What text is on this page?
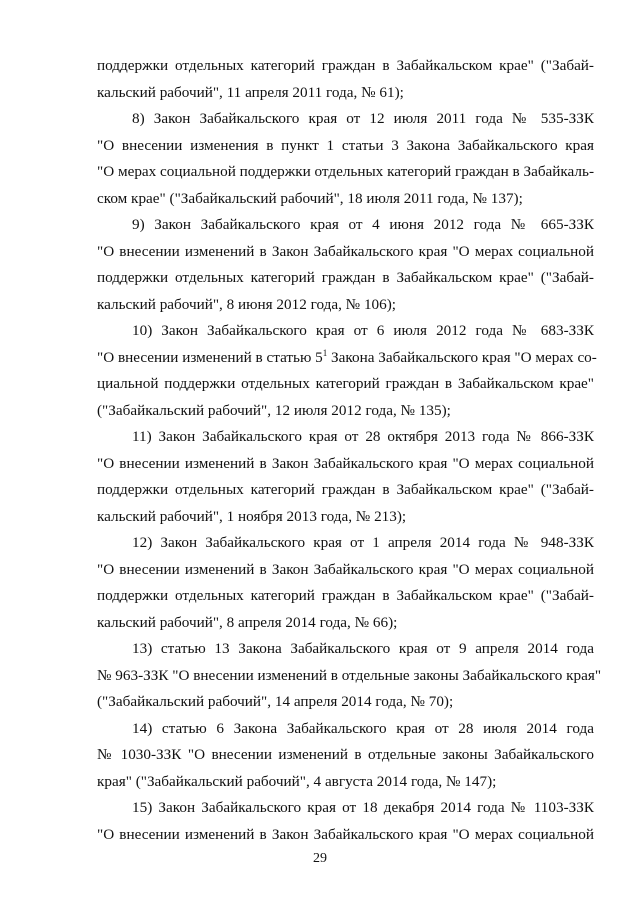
поддержки отдельных категорий граждан в Забайкальском крае" ("Забай-
кальский рабочий", 11 апреля 2011 года, № 61);
8) Закон Забайкальского края от 12 июля 2011 года № 535-ЗЗК
"О внесении изменения в пункт 1 статьи 3 Закона Забайкальского края
"О мерах социальной поддержки отдельных категорий граждан в Забайкаль-
ском крае" ("Забайкальский рабочий", 18 июля 2011 года, № 137);
9) Закон Забайкальского края от 4 июня 2012 года № 665-ЗЗК
"О внесении изменений в Закон Забайкальского края "О мерах социальной
поддержки отдельных категорий граждан в Забайкальском крае" ("Забай-
кальский рабочий", 8 июня 2012 года, № 106);
10) Закон Забайкальского края от 6 июля 2012 года № 683-ЗЗК
"О внесении изменений в статью $5^1$ Закона Забайкальского края "О мерах со-
циальной поддержки отдельных категорий граждан в Забайкальском крае"
("Забайкальский рабочий", 12 июля 2012 года, № 135);
11) Закон Забайкальского края от 28 октября 2013 года № 866-ЗЗК
"О внесении изменений в Закон Забайкальского края "О мерах социальной
поддержки отдельных категорий граждан в Забайкальском крае" ("Забай-
кальский рабочий", 1 ноября 2013 года, № 213);
12) Закон Забайкальского края от 1 апреля 2014 года № 948-ЗЗК
"О внесении изменений в Закон Забайкальского края "О мерах социальной
поддержки отдельных категорий граждан в Забайкальском крае" ("Забай-
кальский рабочий", 8 апреля 2014 года, № 66);
13) статью 13 Закона Забайкальского края от 9 апреля 2014 года
№ 963-ЗЗК "О внесении изменений в отдельные законы Забайкальского края"
("Забайкальский рабочий", 14 апреля 2014 года, № 70);
14) статью 6 Закона Забайкальского края от 28 июля 2014 года
№ 1030-ЗЗК "О внесении изменений в отдельные законы Забайкальского
края" ("Забайкальский рабочий", 4 августа 2014 года, № 147);
15) Закон Забайкальского края от 18 декабря 2014 года № 1103-ЗЗК
"О внесении изменений в Закон Забайкальского края "О мерах социальной
29
